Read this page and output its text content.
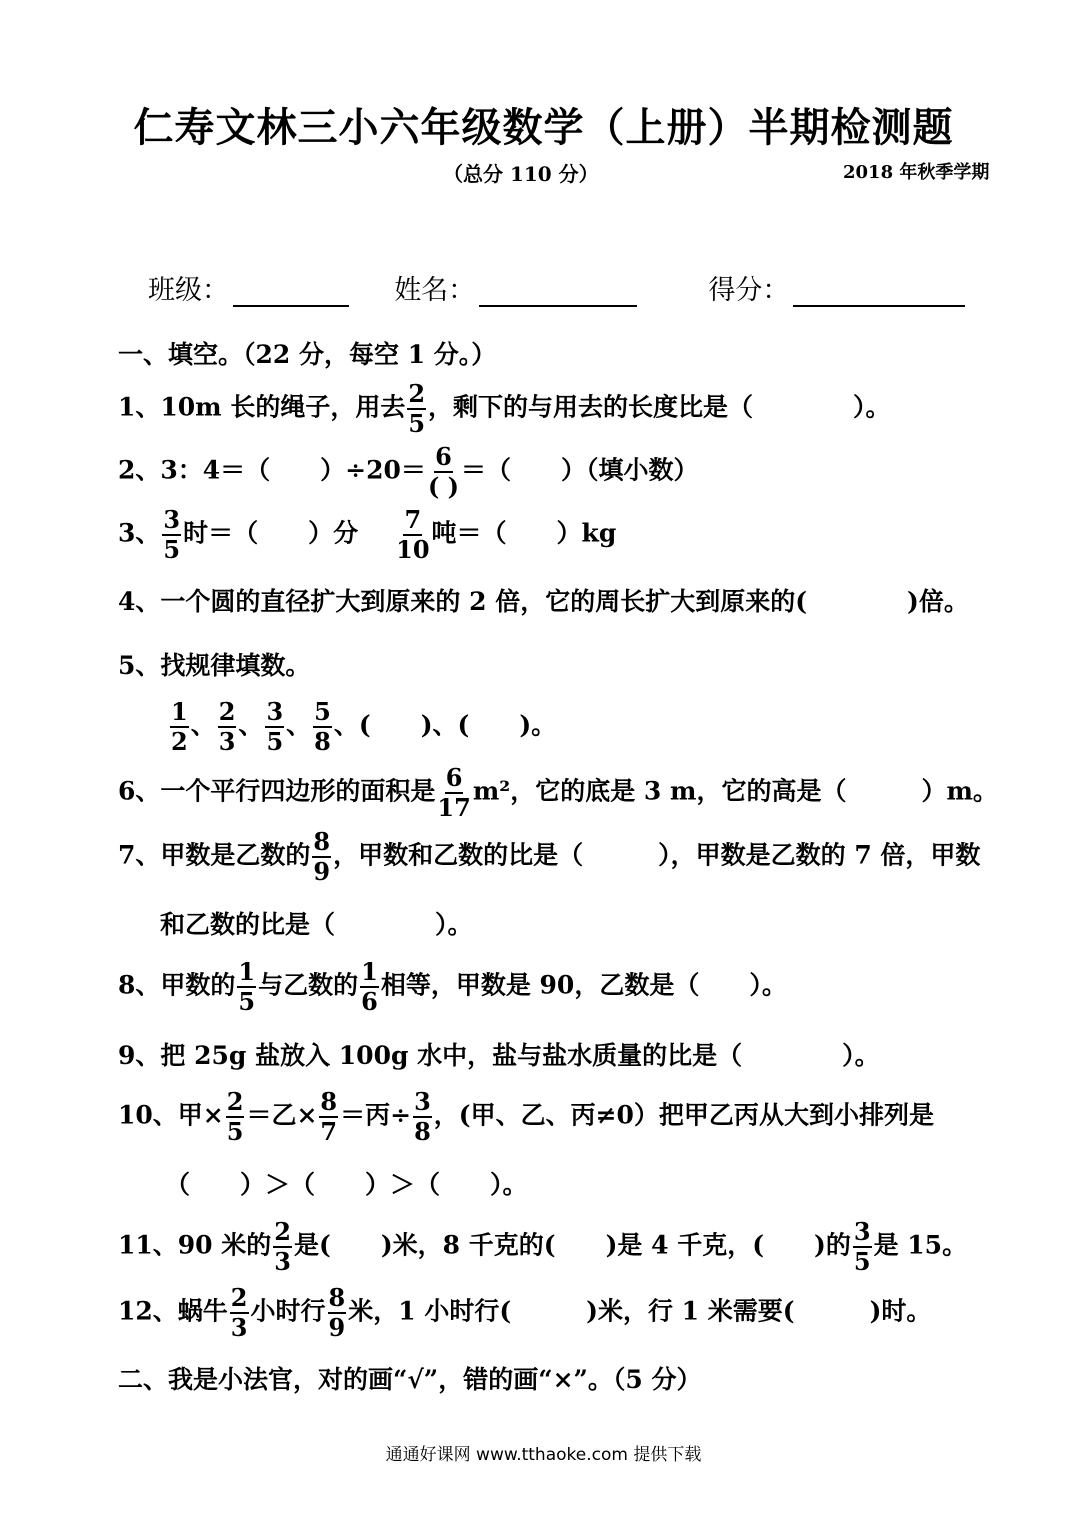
仁寿文林三小六年级数学（上册）半期检测题
（总分 110 分）	2018 年秋季学期
班级：	姓名：	得分：
一、填空。（22 分，每空 1 分。）
1、10m 长的绳子，用去 $\frac{2}{5}$ ，剩下的与用去的长度比是（　　　　）。
2、3：4＝（　　）$\div 20= \frac{6}{( )}$ ＝（　　）（填小数）
3、 $\frac{3}{5}$ 时＝（　　）分 $\frac{7}{10}$ 吨＝（　　）kg
4、一个圆的直径扩大到原来的 2 倍，它的周长扩大到原来的(　　　　)倍。
5、找规律填数。
$\frac{1}{2}$ 、 $\frac{2}{3}$ 、 $\frac{3}{5}$ 、 $\frac{5}{8}$ 、(　　)、(　　)。
6、一个平行四边形的面积是 $\frac{6}{17} m^2$，它的底是 3 m，它的高是（　　　）m。
7、甲数是乙数的 $\frac{8}{9}$ ，甲数和乙数的比是（　　　），甲数是乙数的 7 倍，甲数
和乙数的比是（　　　　）。
8、甲数的 $\frac{1}{5}$ 与乙数的 $\frac{1}{6}$ 相等，甲数是 90，乙数是（　　）。
9、把 25g 盐放入 100g 水中，盐与盐水质量的比是（　　　　）。
10、甲× $\frac{2}{5}$ ＝乙× $\frac{8}{7}$ ＝丙÷ $\frac{3}{8}$ ，(甲、乙、丙≠0）把甲乙丙从大到小排列是
（　　）＞（　　）＞（　　）。
11、90 米的 $\frac{2}{3}$ 是(　　)米，8 千克的(　　)是 4 千克，(　　)的 $\frac{3}{5}$ 是 15。
12、蜗牛 $\frac{2}{3}$ 小时行 $\frac{8}{9}$ 米，1 小时行(　　　)米，行 1 米需要(　　　)时。
二、我是小法官，对的画“√”，错的画“×”。（5 分）
通通好课网 www.tthaoke.com 提供下载
